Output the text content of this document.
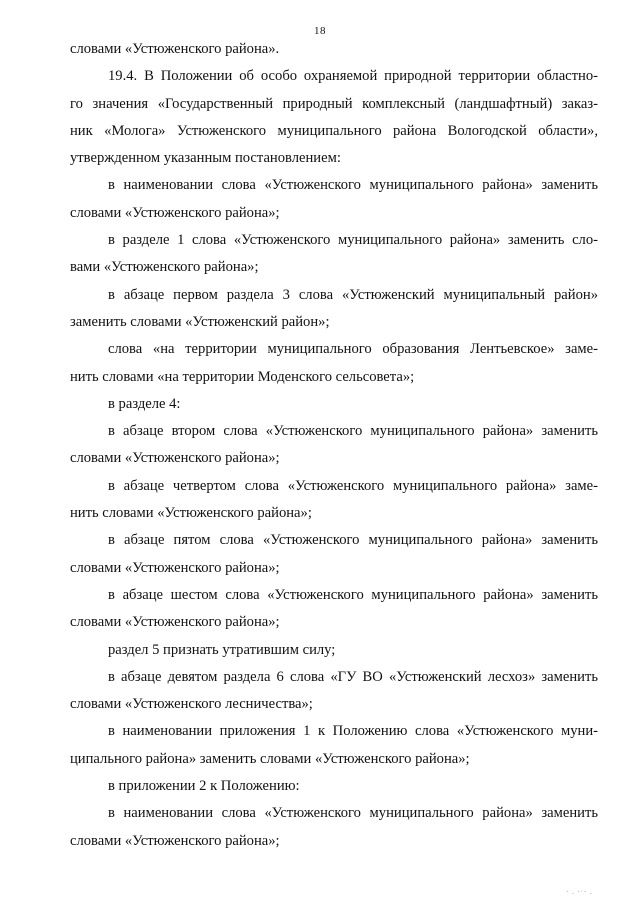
18
словами «Устюженского района».
19.4. В Положении об особо охраняемой природной территории областно-
го значения «Государственный природный комплексный (ландшафтный) заказ-
ник «Молога» Устюженского муниципального района Вологодской области»,
утвержденном указанным постановлением:
в наименовании слова «Устюженского муниципального района» заменить
словами «Устюженского района»;
в разделе 1 слова «Устюженского муниципального района» заменить сло-
вами «Устюженского района»;
в абзаце первом раздела 3 слова «Устюженский муниципальный район»
заменить словами «Устюженский район»;
слова «на территории муниципального образования Лентьевское» заме-
нить словами «на территории Моденского сельсовета»;
в разделе 4:
в абзаце втором слова «Устюженского муниципального района» заменить
словами «Устюженского района»;
в абзаце четвертом слова «Устюженского муниципального района» заме-
нить словами «Устюженского района»;
в абзаце пятом слова «Устюженского муниципального района» заменить
словами «Устюженского района»;
в абзаце шестом слова «Устюженского муниципального района» заменить
словами «Устюженского района»;
раздел 5 признать утратившим силу;
в абзаце девятом раздела 6 слова «ГУ ВО «Устюженский лесхоз» заменить
словами «Устюженского лесничества»;
в наименовании приложения 1 к Положению слова «Устюженского муни-
ципального района» заменить словами «Устюженского района»;
в приложении 2 к Положению:
в наименовании слова «Устюженского муниципального района» заменить
словами «Устюженского района»;
· . ·ˑ· .
